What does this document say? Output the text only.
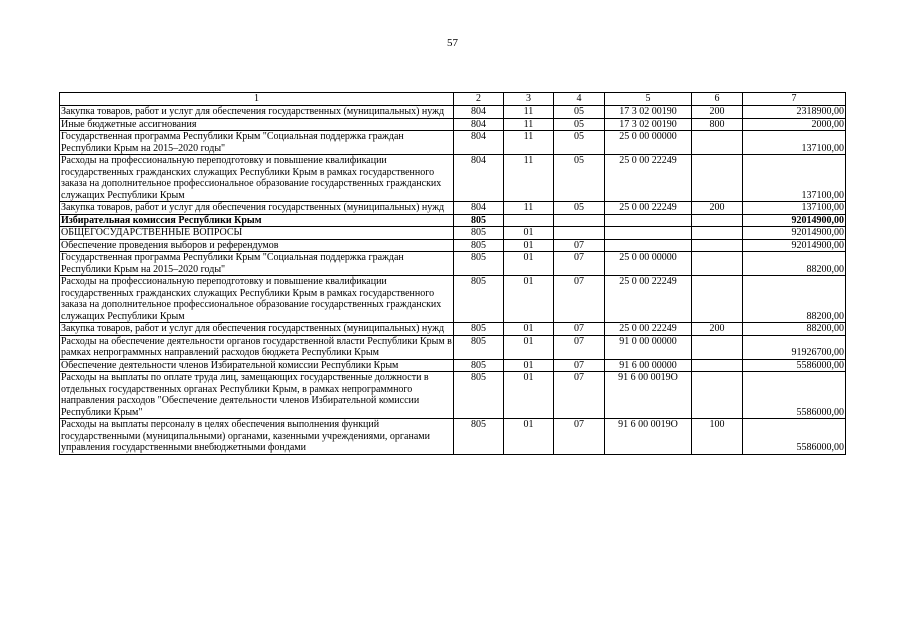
57
1	2	3	4	5	6	7
Закупка товаров, работ и услуг для обеспечения государственных (муниципальных) нужд	804	11	05	17 3 02 00190	200	2318900,00
Иные бюджетные ассигнования	804	11	05	17 3 02 00190	800	2000,00
Государственная программа Республики Крым "Социальная поддержка граждан Республики Крым на 2015–2020 годы"	804	11	05	25 0 00 00000		137100,00
Расходы на профессиональную переподготовку и повышение квалификации государственных гражданских служащих Республики Крым в рамках государственного заказа на дополнительное профессиональное образование государственных гражданских служащих Республики Крым	804	11	05	25 0 00 22249		137100,00
Закупка товаров, работ и услуг для обеспечения государственных (муниципальных) нужд	804	11	05	25 0 00 22249	200	137100,00
Избирательная комиссия Республики Крым	805					92014900,00
ОБЩЕГОСУДАРСТВЕННЫЕ ВОПРОСЫ	805	01				92014900,00
Обеспечение проведения выборов и референдумов	805	01	07			92014900,00
Государственная программа Республики Крым "Социальная поддержка граждан Республики Крым на 2015–2020 годы"	805	01	07	25 0 00 00000		88200,00
Расходы на профессиональную переподготовку и повышение квалификации государственных гражданских служащих Республики Крым в рамках государственного заказа на дополнительное профессиональное образование государственных гражданских служащих Республики Крым	805	01	07	25 0 00 22249		88200,00
Закупка товаров, работ и услуг для обеспечения государственных (муниципальных) нужд	805	01	07	25 0 00 22249	200	88200,00
Расходы на обеспечение деятельности органов государственной власти Республики Крым в рамках непрограммных направлений расходов бюджета Республики Крым	805	01	07	91 0 00 00000		91926700,00
Обеспечение деятельности членов Избирательной комиссии Республики Крым	805	01	07	91 6 00 00000		5586000,00
Расходы на выплаты по оплате труда лиц, замещающих государственные должности в отдельных государственных органах Республики Крым, в рамках непрограммного направления расходов "Обеспечение деятельности членов Избирательной комиссии Республики Крым"	805	01	07	91 6 00 0019О		5586000,00
Расходы на выплаты персоналу в целях обеспечения выполнения функций государственными (муниципальными) органами, казенными учреждениями, органами управления государственными внебюджетными фондами	805	01	07	91 6 00 0019О	100	5586000,00
